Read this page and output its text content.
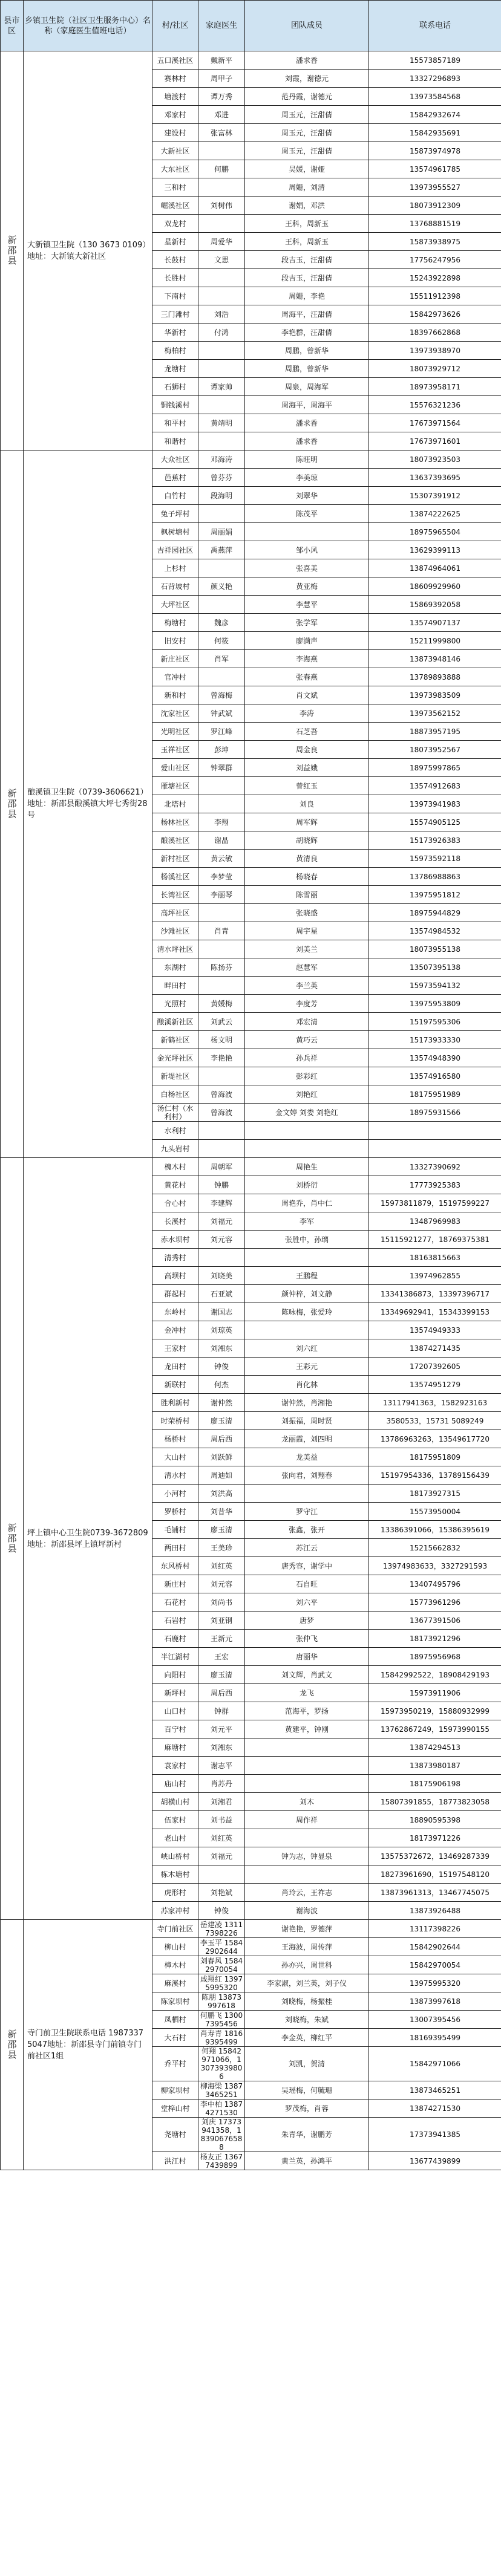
县市区	乡镇卫生院（社区卫生服务中心）名称（家庭医生值班电话）	村/社区	家庭医生	团队成员	联系电话
新邵县	大新镇卫生院（130 3673 0109）地址：大新镇大新社区	五口溪社区	戴新平	潘求香	15573857189
		赛林村	周甲子	刘霞，谢德元	13327296893
		塘渡村	谭万秀	范丹霞，谢德元	13973584568
		邓家村	邓进	周玉元，汪甜倩	15842932674
		建设村	张富林	周玉元，汪甜倩	15842935691
		大新社区		周玉元，汪甜倩	15873974978
		大东社区	何鹏	吴媛，谢娅	13574961785
		三和村		周姗，刘清	13973955527
		崛溪社区	刘树伟	谢娟，邓洪	18073912309
		双龙村		王科，周新玉	13768881519
		星新村	周爱华	王科，周新玉	15873938975
		长鼓村	文思	段吉玉，汪甜倩	17756247956
		长胜村		段吉玉，汪甜倩	15243922898
		下南村		周姗，李艳	15511912398
		三门滩村	刘浩	周海平，汪甜倩	15842973626
		华新村	付鸿	李艳群，汪甜倩	18397662868
		梅柏村		周鹏，曾新华	13973938970
		龙塘村		周鹏，曾新华	18073929712
		石狮村	谭家帅	周泉，周海军	18973958171
		铜钱溪村		周海平，周海平	15576321236
		和平村	黄靖明	潘求香	17673971564
		和谐村		潘求香	17673971601
新邵县	酿溪镇卫生院（0739-3606621）地址：新邵县酿溪镇大坪七秀街28号	大众社区	邓海涛	陈旺明	18073923503
		芭蕉村	曾芬芬	李美琼	13637393695
		白竹村	段海明	刘翠华	15307391912
		兔子坪村		陈茂平	13874222625
		枫树塘村	周丽娟		18975965504
		吉祥园社区	禹燕萍	邹小风	13629399113
		上杉村		张喜美	13874964061
		石背坡村	颜义艳	黄亚梅	18609929960
		大坪社区		李慧平	15869392058
		梅塘村	魏彦	张学军	13574907137
		旧安村	何筱	廖满声	15211999800
		新庄社区	肖军	李海燕	13873948146
		官冲村		张春燕	13789893888
		新和村	曾海梅	肖文斌	13973983509
		沈家社区	钟武斌	李涛	13973562152
		光明社区	罗江峰	石芝吾	18873957195
		玉祥社区	彭坤	周金良	18073952567
		爱山社区	钟翠群	刘益娥	18975997865
		雁塘社区		曾红玉	13574912683
		北塔村		刘良	13973941983
		杨林社区	李翔	周军辉	15574905125
		酿溪社区	谢晶	胡晓辉	15173926383
		新村社区	黄云敏	黄清良	15973592118
		杨溪社区	李梦莹	杨晓春	13786988863
		长湾社区	李丽琴	陈雪丽	13975951812
		高坪社区		张晓盛	18975944829
		沙滩社区	肖青	周宇星	13574984532
		清水坪社区		刘美兰	18073955138
		东湖村	陈扬芬	赵慧军	13507395138
		畔田村		李兰英	15973594132
		光照村	黄媛梅	李度芳	13975953809
		酿溪新社区	刘武云	邓宏清	15197595306
		新鹤社区	杨文明	黄巧云	15173933330
		金光坪社区	李艳艳	孙兵祥	13574948390
		新堤社区		彭彩红	13574916580
		白杨社区	曾海波	刘艳红	18175951989
		汤仁村（水利村）	曾海波	金文婷 刘娄 刘艳红	18975931566
		水利村			
		九头岩村			
新邵县	坪上镇中心卫生院0739-3672809地址：新邵县坪上镇坪新村	槐木村	周朝军	周艳生	13327390692
		黄花村	钟鹏	刘桥衍	17773925383
		合心村	李建辉	周艳乔，肖中仁	15973811879，15197599227
		长溪村	刘福元	李军	13487969983
		赤水坝村	刘元容	张胜中，孙璃	15115921277，18769375381
		清秀村			18163815663
		高坝村	刘晓美	王鹏程	13974962855
		群起村	石亚斌	颜仲梓，刘文静	13341386873，13397396717
		东岭村	谢国志	陈咏梅，张爱玲	13349692941，15343399153
		金冲村	刘琼英		13574949333
		王家村	刘湘东	刘六红	13874271435
		龙田村	钟俊	王彩元	17207392605
		新联村	何杰	肖化林	13574951279
		胜利新村	谢仲然	谢仲然，肖湘艳	13117941363，1582923163
		时荣桥村	廖玉清	刘振福，周时贤	3580533，15731 5089249
		杨桥村	周后西	龙丽霞，刘四明	13786963263，13549617720
		大山村	刘跃鲜	龙美益	18175951809
		清水村	周迪如	张向君，刘翔春	15197954336，13789156439
		小河村	刘洪高		18173927315
		罗桥村	刘昔华	罗守江	15573950004
		毛铺村	廖玉清	张鑫，张开	13386391066，15386395619
		两田村	王美珍	苏江云	15215662832
		东风桥村	刘红英	唐秀容，谢学中	13974983633，3327291593
		新庄村	刘元容	石自旺	13407495796
		石花村	刘尚书	刘六平	15773961296
		石岩村	刘亚钢	唐梦	13677391506
		石鹿村	王新元	张仲飞	18173921296
		半江湖村	王宏	唐丽华	18975956968
		向阳村	廖玉清	刘文辉，肖武文	15842992522，18908429193
		新坪村	周后西	龙飞	15973911906
		山口村	钟群	范海平，罗扬	15973950219，15880932999
		百宁村	刘元平	黄建平，钟刚	13762867249，15973990155
		麻塘村	刘湘东		13874294513
		袁家村	谢志平		13873980187
		庙山村	肖苏丹		18175906198
		胡横山村	刘湘君	刘木	15807391855，18773823058
		伍家村	刘书益	周作祥	18890595398
		老山村	刘红英		18173971226
		峡山桥村	刘福元	钟为志，钟显泉	13575372672，13469287339
		栋木塘村			18273961690，15197548120
		虎形村	刘艳斌	肖玲云，王祚志	13873961313，13467745075
		苏家冲村	钟俊	谢海波	13873926488
新邵县	寺门前卫生院联系电话 19873375047地址：新邵县寺门前镇寺门前社区1组	寺门前社区	岳建凌 13117398226	谢艳艳，罗德萍	13117398226
		柳山村	李玉平 15842902644	王海波，周传萍	15842902644
		樟木村	刘春风 15842970054	孙亦兴，周世科	15842970054
		麻溪村	戚翔红 13975995320	李家淑，刘兰英，刘子仪	13975995320
		陈家坝村	陈朋 13873997618	刘晓梅，杨振桂	13873997618
		凤栖村	何鹏飞 13007395456	刘晓梅，朱斌	13007395456
		大石村	肖寿青 18169395499	李金英，柳红平	18169395499
		乔平村	何翔 15842971066，13073939806	刘凯，贺清	15842971066
		柳家坝村	柳海梁 13873465251	吴瑶梅，何毓珊	13873465251
		堂梓山村	李中柏 13874271530	罗茂梅，肖蓉	13874271530
		尧塘村	刘庆 17373941358，18390676588	朱青华，谢鹏芳	17373941385
		洪江村	杨友正 13677439899	黄兰英，孙鸿平	13677439899
